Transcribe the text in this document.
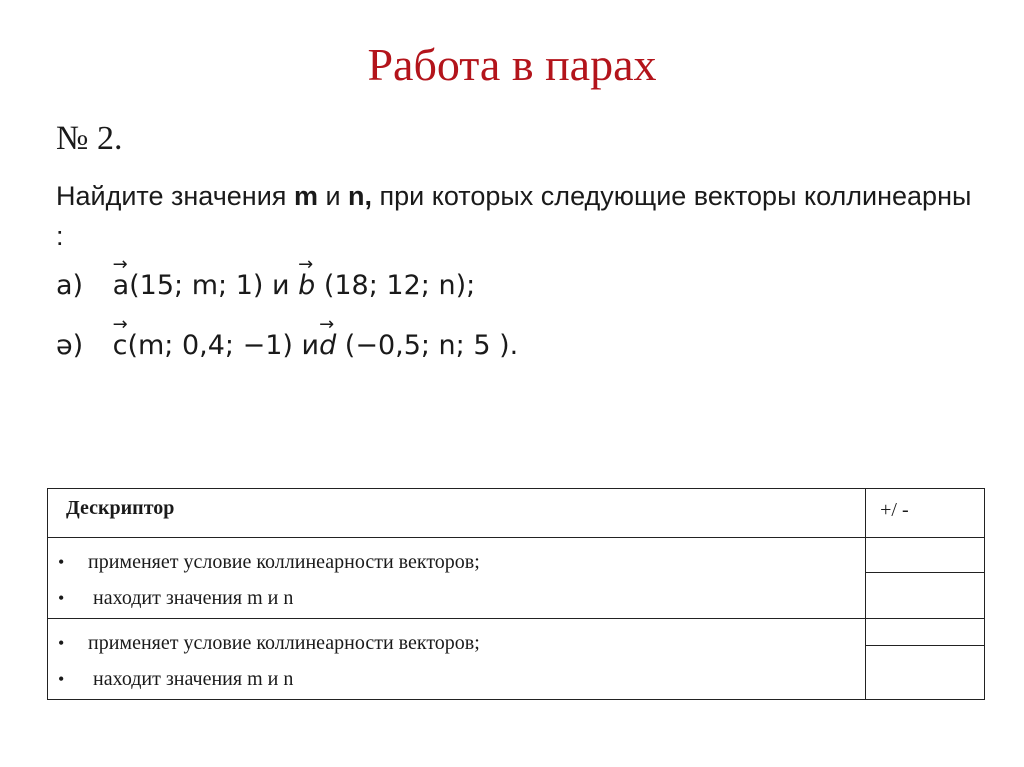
Работа в парах
№ 2.
Найдите значения m и n, при которых следующие векторы коллинеарны :
а)
→
a(15; m; 1) и
→
b (18; 12; n);
ә)
→
c(m; 0,4; −1) и
→
d (−0,5; n; 5 ).
Дескриптор	+/ -

• применяет условие коллинеарности векторов;
• находит значения m и n	

• применяет условие коллинеарности векторов;
• находит значения m и n	
